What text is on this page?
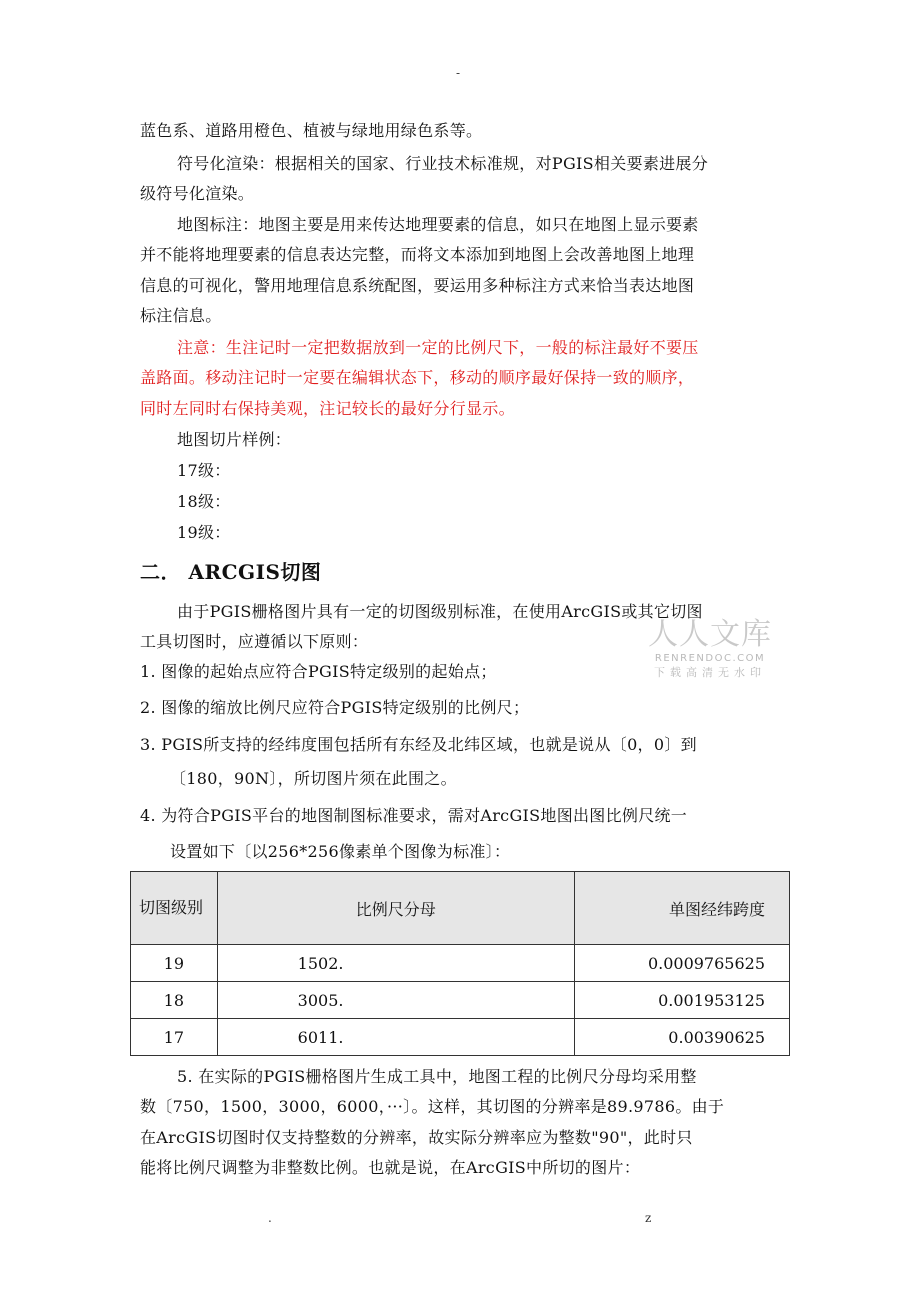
-

蓝色系、道路用橙色、植被与绿地用绿色系等。

符号化渲染：根据相关的国家、行业技术标准规，对PGIS相关要素进展分

级符号化渲染。

地图标注：地图主要是用来传达地理要素的信息，如只在地图上显示要素

并不能将地理要素的信息表达完整，而将文本添加到地图上会改善地图上地理

信息的可视化，警用地理信息系统配图，要运用多种标注方式来恰当表达地图

标注信息。

注意：生注记时一定把数据放到一定的比例尺下，一般的标注最好不要压

盖路面。移动注记时一定要在编辑状态下，移动的顺序最好保持一致的顺序，

同时左同时右保持美观，注记较长的最好分行显示。

地图切片样例：

17级：

18级：

19级：

二． ARCGIS切图

由于PGIS栅格图片具有一定的切图级别标准，在使用ArcGIS或其它切图

工具切图时，应遵循以下原则：	人人文库
RENRENDOC.COM
下载高清无水印

1. 图像的起始点应符合PGIS特定级别的起始点；

2. 图像的缩放比例尺应符合PGIS特定级别的比例尺；

3. PGIS所支持的经纬度围包括所有东经及北纬区域，也就是说从〔0，0〕到

〔180，90N〕，所切图片须在此围之。

4. 为符合PGIS平台的地图制图标准要求，需对ArcGIS地图出图比例尺统一

设置如下〔以256*256像素单个图像为标准〕：

切图级别	比例尺分母	单图经纬跨度
19	1502.	0.0009765625
18	3005.	0.001953125
17	6011.	0.00390625

5. 在实际的PGIS栅格图片生成工具中，地图工程的比例尺分母均采用整

数〔750，1500，3000，6000，···〕。这样，其切图的分辨率是89.9786。由于

在ArcGIS切图时仅支持整数的分辨率，故实际分辨率应为整数"90"，此时只

能将比例尺调整为非整数比例。也就是说，在ArcGIS中所切的图片：

.	z
